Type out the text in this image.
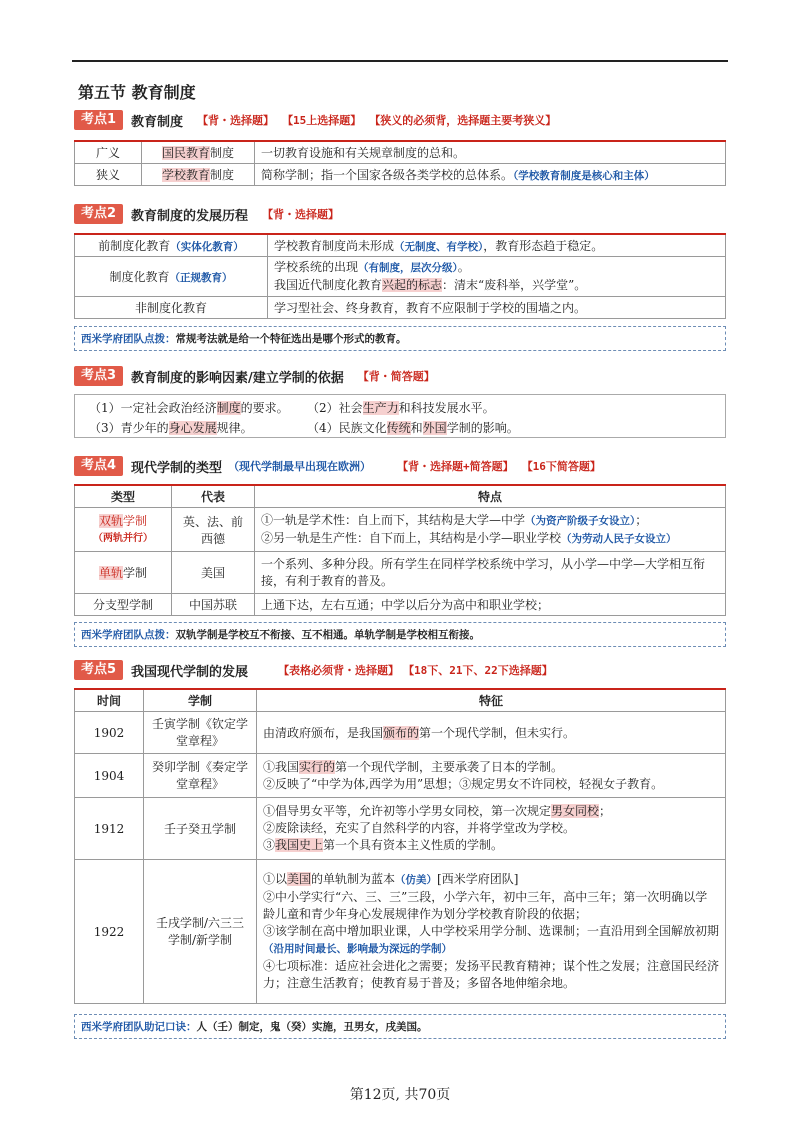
第五节 教育制度
考点1	教育制度 【背・选择题】 【15上选择题】 【狭义的必须背，选择题主要考狭义】
广义	国民教育制度	一切教育设施和有关规章制度的总和。
狭义	学校教育制度	简称学制；指一个国家各级各类学校的总体系。（学校教育制度是核心和主体）
考点2	教育制度的发展历程 【背・选择题】
前制度化教育（实体化教育）	学校教育制度尚未形成（无制度、有学校），教育形态趋于稳定。
制度化教育（正规教育）	学校系统的出现（有制度，层次分级）。
我国近代制度化教育兴起的标志：清末“废科举，兴学堂”。

非制度化教育	学习型社会、终身教育，教育不应限制于学校的围墙之内。
西米学府团队点拨：常规考法就是给一个特征选出是哪个形式的教育。
考点3	教育制度的影响因素/建立学制的依据 【背・简答题】
（1）一定社会政治经济制度的要求。 （2）社会生产力和科技发展水平。
（3）青少年的身心发展规律。	（4）民族文化传统和外国学制的影响。
考点4	现代学制的类型 （现代学制最早出现在欧洲） 【背・选择题+简答题】 【16下简答题】
类型	代表	特点

双轨学制
（两轨并行）	英、法、前西德	①一轨是学术性：自上而下，其结构是大学—中学（为资产阶级子女设立）；
②另一轨是生产性：自下而上，其结构是小学—职业学校（为劳动人民子女设立）

单轨学制	美国	一个系列、多种分段。所有学生在同样学校系统中学习，从小学—中学—大学相互衔接，有利于教育的普及。
分支型学制	中国苏联	上通下达，左右互通；中学以后分为高中和职业学校；
西米学府团队点拨：双轨学制是学校互不衔接、互不相通。单轨学制是学校相互衔接。
考点5	我国现代学制的发展	【表格必须背・选择题】 【18下、21下、22下选择题】
时间	学制	特征
1902	壬寅学制《钦定学堂章程》	由清政府颁布，是我国颁布的第一个现代学制，但未实行。
1904	癸卯学制《奏定学堂章程》	①我国实行的第一个现代学制，主要承袭了日本的学制。
②反映了“中学为体,西学为用”思想；③规定男女不许同校，轻视女子教育。

1912	壬子癸丑学制	①倡导男女平等，允许初等小学男女同校，第一次规定男女同校；
②废除读经，充实了自然科学的内容，并将学堂改为学校。
③我国史上第一个具有资本主义性质的学制。

1922	壬戌学制/六三三学制/新学制	①以美国的单轨制为蓝本（仿美）[西米学府团队]
②中小学实行“六、三、三”三段，小学六年，初中三年，高中三年；第一次明确以学龄儿童和青少年身心发展规律作为划分学校教育阶段的依据；
③该学制在高中增加职业课，人中学校采用学分制、选课制；一直沿用到全国解放初期（沿用时间最长、影响最为深远的学制）
④七项标准：适应社会进化之需要；发扬平民教育精神；谋个性之发展；注意国民经济力；注意生活教育；使教育易于普及；多留各地伸缩余地。
西米学府团队助记口诀：人（壬）制定，鬼（癸）实施，丑男女，戌美国。
第12页, 共70页
